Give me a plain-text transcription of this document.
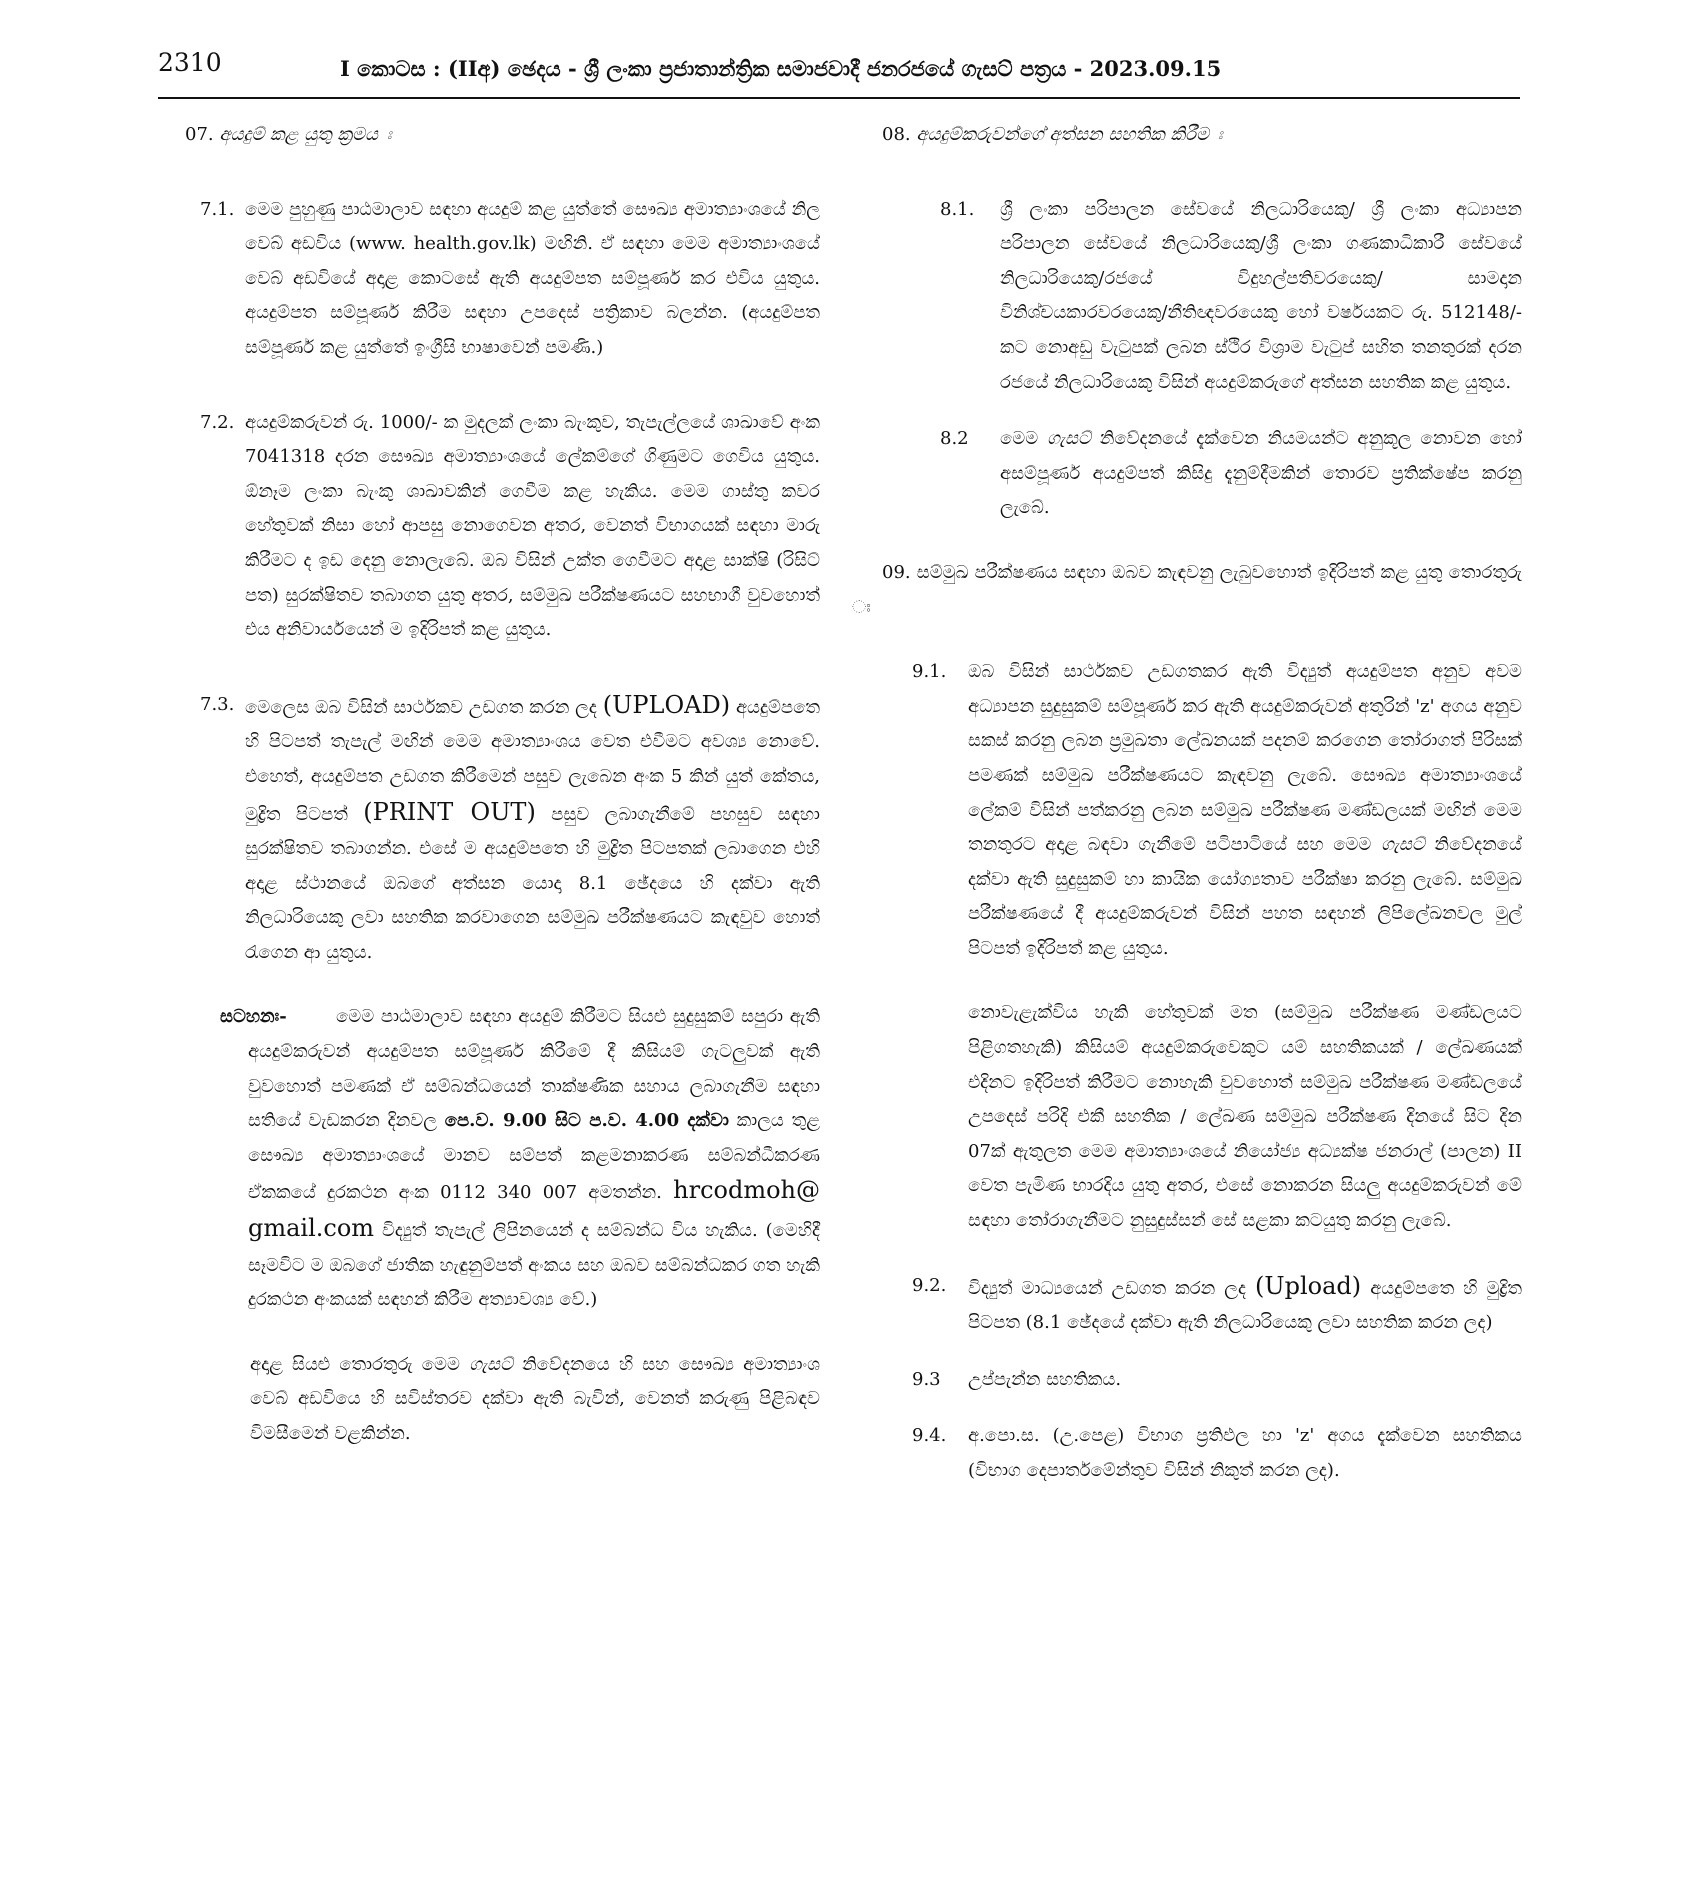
2310	I කොටස : (IIඅ) ඡෙදය - ශ්‍රී ලංකා ප්‍රජාතාන්ත්‍රික සමාජවාදී ජනරජයේ ගැසට් පත්‍රය - 2023.09.15

07. අයදුම් කළ යුතු ක්‍රමය ඃ

7.1. මෙම පුහුණු පාඨමාලාව සඳහා අයදුම් කළ යුත්තේ සෞඛ්‍ය අමාත්‍යාංශයේ නිල වෙබ් අඩවිය (www. health.gov.lk) මඟිනි. ඒ සඳහා මෙම අමාත්‍යාංශයේ වෙබ් අඩවියේ අදාළ කොටසේ ඇති අයදුම්පත සම්පූර්ණ කර එවිය යුතුය. අයදුම්පත සම්පූර්ණ කිරීම සඳහා උපදෙස් පත්‍රිකාව බලන්න. (අයදුම්පත සම්පූර්ණ කළ යුත්තේ ඉංග්‍රීසි භාෂාවෙන් පමණි.)

7.2. අයදුම්කරුවන් රු. 1000/- ක මුදලක් ලංකා බැංකුව, තැපැල්ලයේ ශාඛාවේ අංක 7041318 දරන සෞඛ්‍ය අමාත්‍යාංශයේ ලේකම්ගේ ගිණුමට ගෙවිය යුතුය. ඕනෑම ලංකා බැංකු ශාඛාවකින් ගෙවීම කළ හැකිය. මෙම ගාස්තු කවර හේතුවක් නිසා හෝ ආපසු නොගෙවන අතර, වෙනත් විභාගයක් සඳහා මාරු කිරීමට ද ඉඩ දෙනු නොලැබේ. ඔබ විසින් උක්ත ගෙවීමට අදාළ සාක්ෂි (රිසිට් පත) සුරක්ෂිතව තබාගත යුතු අතර, සම්මුඛ පරීක්ෂණයට සහභාගී වුවහොත් එය අනිවාර්යයෙන් ම ඉදිරිපත් කළ යුතුය.

7.3. මෙලෙස ඔබ විසින් සාර්ථකව උඩගත කරන ලද (UPLOAD) අයදුම්පතෙ හි පිටපත් තැපැල් මඟින් මෙම අමාත්‍යාංශය වෙත එවීමට අවශ්‍ය නොවේ. එහෙත්, අයදුම්පත උඩගත කිරීමෙන් පසුව ලැබෙන අංක 5 කින් යුත් කේතය, මුද්‍රිත පිටපත් (PRINT OUT) පසුව ලබාගැනීමේ පහසුව සඳහා සුරක්ෂිතව තබාගන්න. එසේ ම අයදුම්පතෙ හි මුද්‍රිත පිටපතක් ලබාගෙන එහි අදාළ ස්ථානයේ ඔබගේ අත්සන යොදා 8.1 ඡේදයෙ හි දක්වා ඇති නිලධාරියෙකු ලවා සහතික කරවාගෙන සම්මුඛ පරීක්ෂණයට කැඳවුව හොත් රැගෙන ආ යුතුය.

සටහනඃ-	මෙම පාඨමාලාව සඳහා අයදුම් කිරීමට සියළු සුදුසුකම් සපුරා ඇති අයදුම්කරුවන් අයදුම්පත සම්පූර්ණ කිරීමේ දී කිසියම් ගැටලුවක් ඇති වුවහොත් පමණක් ඒ සම්බන්ධයෙන් තාක්ෂණික සහාය ලබාගැනීම සඳහා සතියේ වැඩකරන දිනවල පෙ.ව. 9.00 සිට ප.ව. 4.00 දක්වා කාලය තුළ සෞඛ්‍ය අමාත්‍යාංශයේ මානව සම්පත් කළමනාකරණ සම්බන්ධීකරණ ඒකකයේ දුරකථන අංක 0112 340 007 අමතන්න. hrcodmoh@ gmail.com විද්‍යුත් තැපැල් ලිපිනයෙන් ද සම්බන්ධ විය හැකිය. (මෙහිදී සෑමවිට ම ඔබගේ ජාතික හැඳුනුම්පත් අංකය සහ ඔබව සම්බන්ධකර ගත හැකි දුරකථන අංකයක් සඳහන් කිරීම අත්‍යාවශ්‍ය වේ.)

අදාළ සියළු තොරතුරු මෙම ගැසට් නිවේදනයෙ හි සහ සෞඛ්‍ය අමාත්‍යාංශ වෙබ් අඩවියෙ හි සවිස්තරව දක්වා ඇති බැවින්, වෙනත් කරුණු පිළිබඳව විමසීමෙන් වළකින්න.

08. අයදුම්කරුවන්ගේ අත්සන සහතික කිරීම ඃ

8.1.	ශ්‍රී ලංකා පරිපාලන සේවයේ නිලධාරියෙකු/ ශ්‍රී ලංකා අධ්‍යාපන පරිපාලන සේවයේ නිලධාරියෙකු/ශ්‍රී ලංකා ගණකාධිකාරී සේවයේ නිලධාරියෙකු/රජයේ විදුහල්පතිවරයෙකු/ සාමදාන විනිශ්චයකාරවරයෙකු/නීතිඥවරයෙකු හෝ වර්ෂයකට රු. 512148/- කට නොඅඩු වැටුපක් ලබන ස්ථිර විශ්‍රාම වැටුප් සහිත තනතුරක් දරන රජයේ නිලධාරියෙකු විසින් අයදුම්කරුගේ අත්සන සහතික කළ යුතුය.

8.2	මෙම ගැසට් නිවේදනයේ දැක්වෙන නියමයන්ට අනුකූල නොවන හෝ අසම්පූර්ණ අයදුම්පත් කිසිදු දැනුම්දීමකින් තොරව ප්‍රතික්ෂේප කරනු ලැබේ.

09. සම්මුඛ පරීක්ෂණය සඳහා ඔබව කැඳවනු ලැබුවහොත් ඉදිරිපත් කළ යුතු තොරතුරු ඃ

9.1.	ඔබ විසින් සාර්ථකව උඩගතකර ඇති විද්‍යුත් අයදුම්පත අනුව අවම අධ්‍යාපන සුදුසුකම් සම්පූර්ණ කර ඇති අයදුම්කරුවන් අතුරින් 'z' අගය අනුව සකස් කරනු ලබන ප්‍රමුඛතා ලේඛනයක් පදනම් කරගෙන තෝරාගත් පිරිසක් පමණක් සම්මුඛ පරීක්ෂණයට කැඳවනු ලැබේ. සෞඛ්‍ය අමාත්‍යාංශයේ ලේකම් විසින් පත්කරනු ලබන සම්මුඛ පරීක්ෂණ මණ්ඩලයක් මඟින් මෙම තනතුරට අදාළ බඳවා ගැනීමේ පටිපාටියේ සහ මෙම ගැසට් නිවේදනයේ දක්වා ඇති සුදුසුකම් හා කායික යෝග්‍යතාව පරීක්ෂා කරනු ලැබේ. සම්මුඛ පරීක්ෂණයේ දී අයදුම්කරුවන් විසින් පහත සඳහන් ලිපිලේඛනවල මුල් පිටපත් ඉදිරිපත් කළ යුතුය.

නොවැළැක්විය හැකි හේතුවක් මත (සම්මුඛ පරීක්ෂණ මණ්ඩලයට පිළිගතහැකි) කිසියම් අයදුම්කරුවෙකුට යම් සහතිකයක් / ලේඛණයක් එදිනට ඉදිරිපත් කිරීමට නොහැකි වුවහොත් සම්මුඛ පරීක්ෂණ මණ්ඩලයේ උපදෙස් පරිදි එකී සහතික / ලේඛණ සම්මුඛ පරීක්ෂණ දිනයේ සිට දින 07ක් ඇතුලත මෙම අමාත්‍යාංශයේ නියෝජ්‍ය අධ්‍යක්ෂ ජනරාල් (පාලන) II වෙත පැමිණ භාරදිය යුතු අතර, එසේ නොකරන සියලු අයදුම්කරුවන් මේ සඳහා තෝරාගැනීමට නුසුදුස්සන් සේ සළකා කටයුතු කරනු ලැබේ.

9.2.	විද්‍යුත් මාධ්‍යයෙන් උඩගත කරන ලද (Upload) අයදුම්පතෙ හි මුද්‍රිත පිටපත (8.1 ඡේදයේ දක්වා ඇති නිලධාරියෙකු ලවා සහතික කරන ලද)

9.3	උප්පැන්න සහතිකය.

9.4.	අ.පො.ස. (උ.පෙළ) විභාග ප්‍රතිඵල හා 'z' අගය දැක්වෙන සහතිකය (විභාග දෙපාර්තමේන්තුව විසින් නිකුත් කරන ලද).
